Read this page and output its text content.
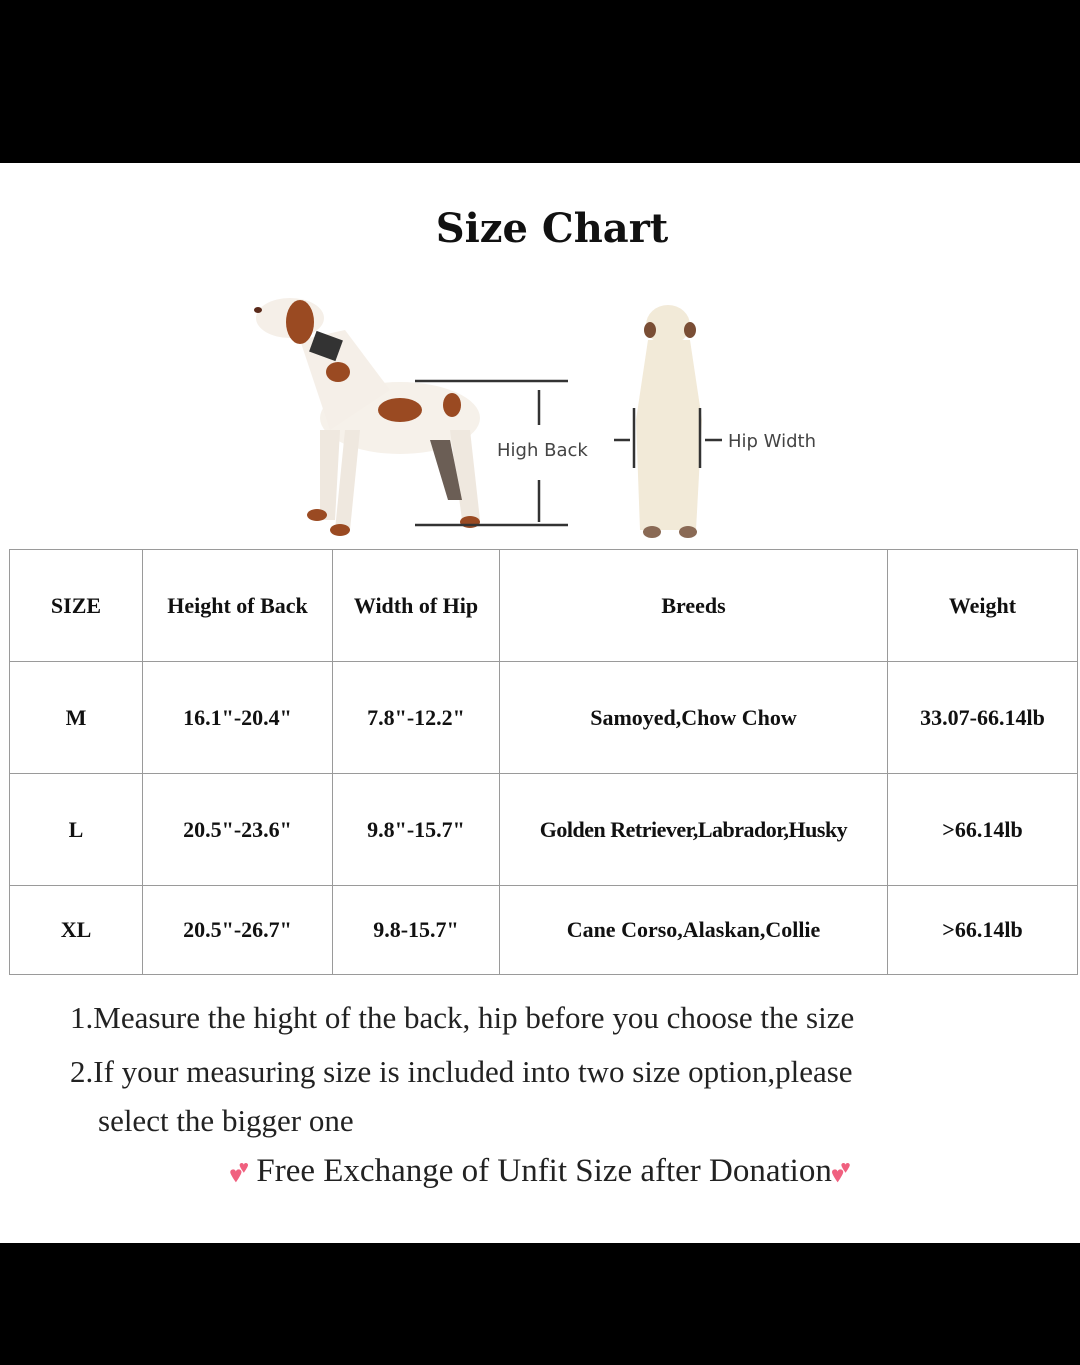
Size Chart
High Back	Hip Width
SIZE	Height of Back	Width of Hip	Breeds	Weight
M	16.1"-20.4"	7.8"-12.2"	Samoyed,Chow Chow	33.07-66.14lb
L	20.5"-23.6"	9.8"-15.7"	Golden Retriever,Labrador,Husky	>66.14lb
XL	20.5"-26.7"	9.8-15.7"	Cane Corso,Alaskan,Collie	>66.14lb
1.Measure the hight of the back, hip before you choose the size
2.If your measuring size is included into two size option,please
select the bigger one
💕︎ Free Exchange of Unfit Size after Donation💕︎
